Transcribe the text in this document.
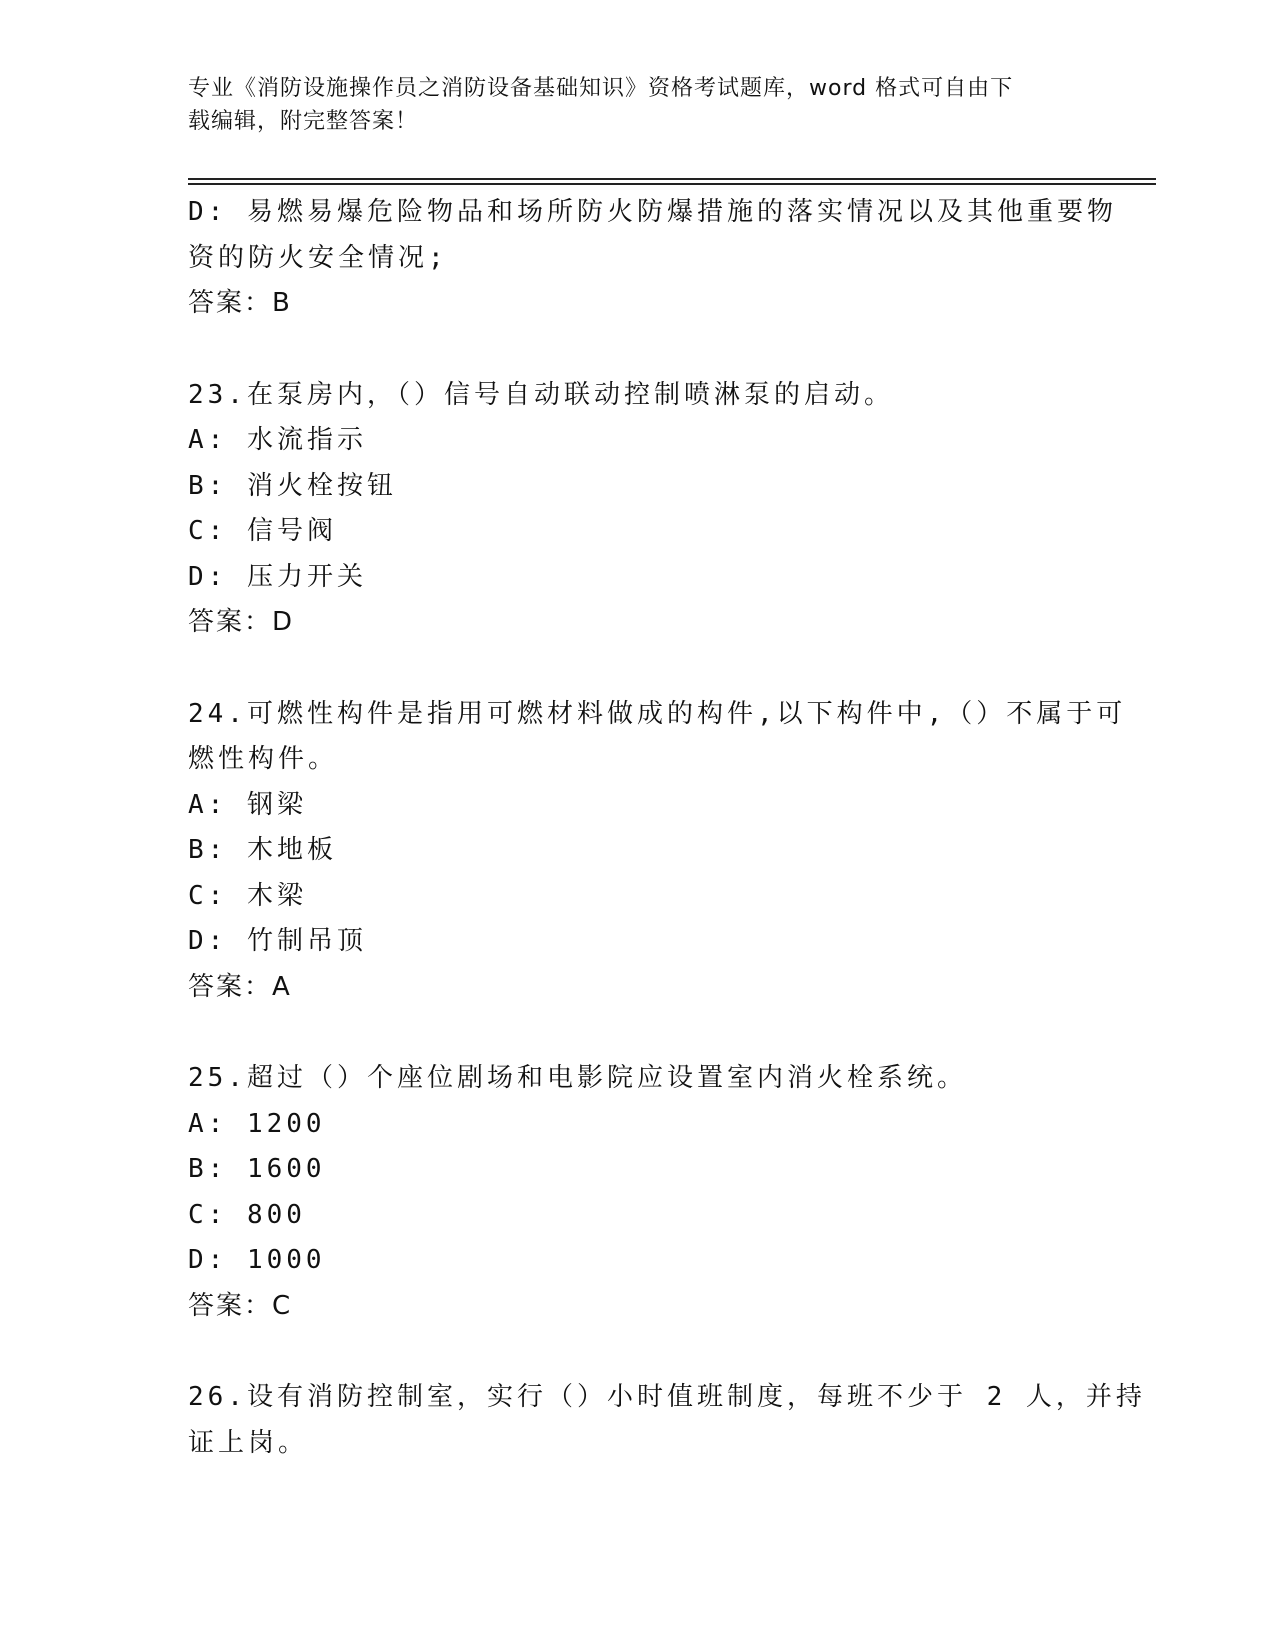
专业《消防设施操作员之消防设备基础知识》资格考试题库，word 格式可自由下
载编辑，附完整答案！
D: 易燃易爆危险物品和场所防火防爆措施的落实情况以及其他重要物
资的防火安全情况;
答案：B
23.在泵房内，（）信号自动联动控制喷淋泵的启动。
A: 水流指示
B: 消火栓按钮
C: 信号阀
D: 压力开关
答案：D
24.可燃性构件是指用可燃材料做成的构件,以下构件中,（）不属于可
燃性构件。
A: 钢梁
B: 木地板
C: 木梁
D: 竹制吊顶
答案：A
25.超过（）个座位剧场和电影院应设置室内消火栓系统。
A: 1200
B: 1600
C: 800
D: 1000
答案：C
26.设有消防控制室，实行（）小时值班制度，每班不少于 2 人，并持
证上岗。
